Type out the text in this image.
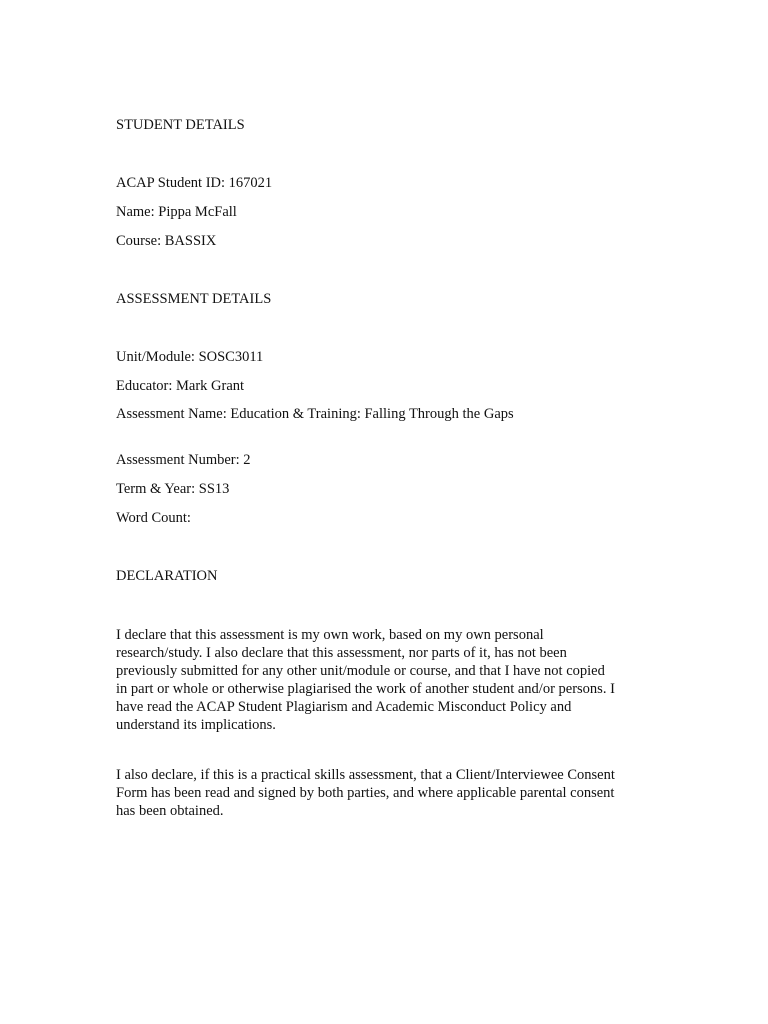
STUDENT DETAILS
ACAP Student ID: 167021
Name: Pippa McFall
Course: BASSIX
ASSESSMENT DETAILS
Unit/Module: SOSC3011
Educator: Mark Grant
Assessment Name: Education & Training: Falling Through the Gaps
Assessment Number: 2
Term & Year: SS13
Word Count:
DECLARATION
I declare that this assessment is my own work, based on my own personal
research/study. I also declare that this assessment, nor parts of it, has not been
previously submitted for any other unit/module or course, and that I have not copied
in part or whole or otherwise plagiarised the work of another student and/or persons. I
have read the ACAP Student Plagiarism and Academic Misconduct Policy and
understand its implications.
I also declare, if this is a practical skills assessment, that a Client/Interviewee Consent
Form has been read and signed by both parties, and where applicable parental consent
has been obtained.
